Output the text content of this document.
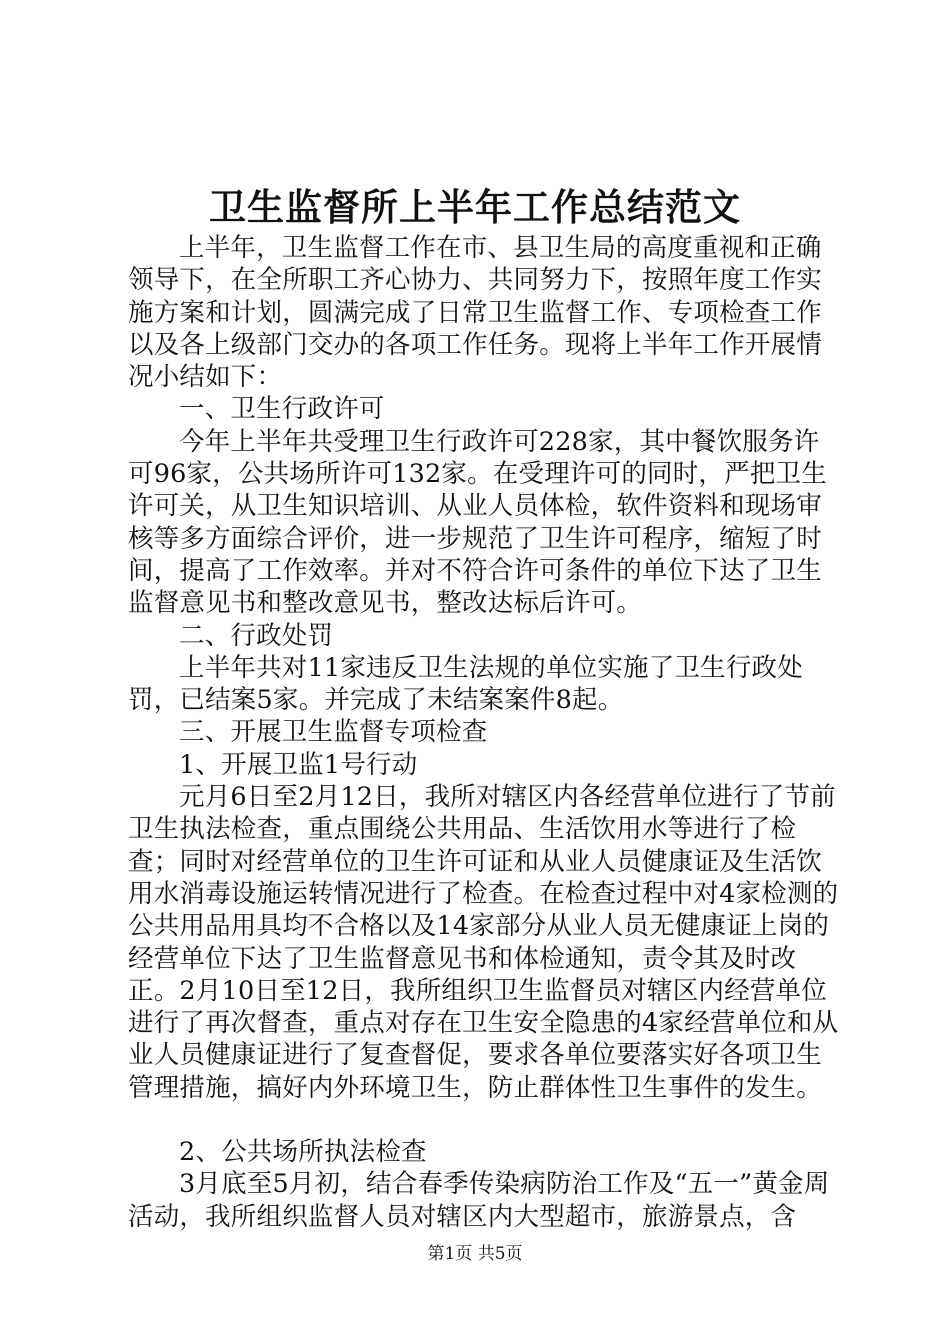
卫生监督所上半年工作总结范文

上半年，卫生监督工作在市、县卫生局的高度重视和正确领导下，在全所职工齐心协力、共同努力下，按照年度工作实施方案和计划，圆满完成了日常卫生监督工作、专项检查工作以及各上级部门交办的各项工作任务。现将上半年工作开展情况小结如下：

一、卫生行政许可

今年上半年共受理卫生行政许可228家，其中餐饮服务许可96家，公共场所许可132家。在受理许可的同时，严把卫生许可关，从卫生知识培训、从业人员体检，软件资料和现场审核等多方面综合评价，进一步规范了卫生许可程序，缩短了时间，提高了工作效率。并对不符合许可条件的单位下达了卫生监督意见书和整改意见书，整改达标后许可。

二、行政处罚

上半年共对11家违反卫生法规的单位实施了卫生行政处罚，已结案5家。并完成了未结案案件8起。

三、开展卫生监督专项检查

1、开展卫监1号行动

元月6日至2月12日，我所对辖区内各经营单位进行了节前卫生执法检查，重点围绕公共用品、生活饮用水等进行了检查；同时对经营单位的卫生许可证和从业人员健康证及生活饮用水消毒设施运转情况进行了检查。在检查过程中对4家检测的公共用品用具均不合格以及14家部分从业人员无健康证上岗的经营单位下达了卫生监督意见书和体检通知，责令其及时改正。2月10日至12日，我所组织卫生监督员对辖区内经营单位进行了再次督查，重点对存在卫生安全隐患的4家经营单位和从业人员健康证进行了复查督促，要求各单位要落实好各项卫生管理措施，搞好内外环境卫生，防止群体性卫生事件的发生。

2、公共场所执法检查

3月底至5月初，结合春季传染病防治工作及“五一”黄金周活动，我所组织监督人员对辖区内大型超市，旅游景点，含

第1页 共5页
